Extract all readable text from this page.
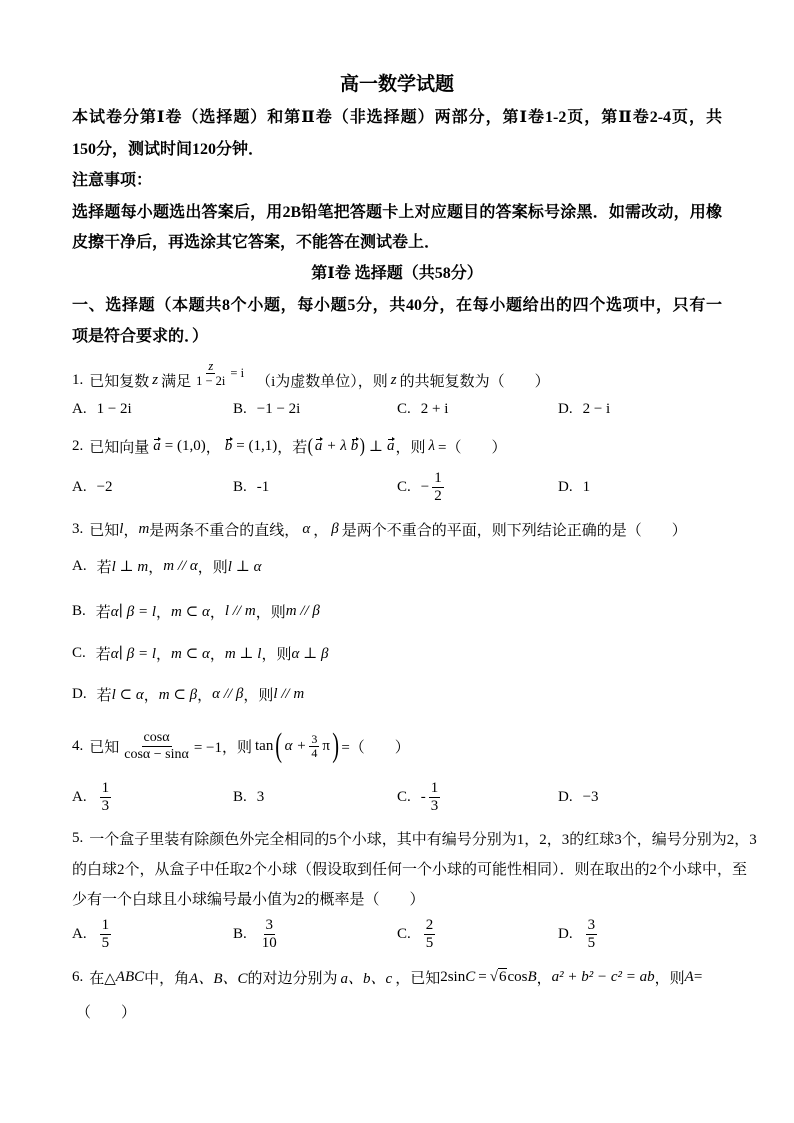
高一数学试题
本试卷分第Ⅰ卷（选择题）和第Ⅱ卷（非选择题）两部分，第Ⅰ卷1-2页，第Ⅱ卷2-4页，共
150分，测试时间120分钟．
注意事项：
选择题每小题选出答案后，用2B铅笔把答题卡上对应题目的答案标号涂黑．如需改动，用橡
皮擦干净后，再选涂其它答案，不能答在测试卷上．
第Ⅰ卷 选择题（共58分）
一、选择题（本题共8个小题，每小题5分，共40分，在每小题给出的四个选项中，只有一
项是符合要求的．）
1. 已知复数 z 满足 $\frac{z}{1 - 2i} = i$
（i为虚数单位），则 z 的共轭复数为（　　）
A. 1 − 2i	B. −1 − 2i	C. 2 + i	D. 2 − i
2. 已知向量 a = (1,0) ， b = (1,1) ，若 ( a + λ b ) ⊥ a ，则 λ =（　　）
A. −2	B. -1	C. − $\frac{1}{2}$	D. 1
3. 已知 l ， m 是两条不重合的直线， α ， β 是两个不重合的平面，则下列结论正确的是（　　）
A. 若 l ⊥ m ， m // α ，则 l ⊥ α
B. 若 α∣ β = l ， m ⊂ α ， l // m ，则 m // β
C. 若 α∣ β = l ， m ⊂ α ， m ⊥ l ，则 α ⊥ β
D. 若 l ⊂ α ， m ⊂ β ， α // β ，则 l // m
4. 已知 $\frac{\cos\alpha}{\cos\alpha - \sin\alpha} = -1$，则 tan ( $\alpha + \frac{3}{4}$ π ) =（　　）
A. $\frac{1}{3}$	B. 3	C. - $\frac{1}{3}$	D. −3
5. 一个盒子里装有除颜色外完全相同的5个小球，其中有编号分别为1，2，3的红球3个，编号分别为2，3
的白球2个，从盒子中任取2个小球（假设取到任何一个小球的可能性相同）．则在取出的2个小球中，至
少有一个白球且小球编号最小值为2的概率是（　　）
A. $\frac{1}{5}$	B. $\frac{3}{10}$	C. $\frac{2}{5}$	D. $\frac{3}{5}$
6. 在△ ABC 中，角 A、B、C 的对边分别为 a、b、c ，已知 2sin C = √ 6 cos B ， a² + b² − c² = ab ，则 A =
（　　）
